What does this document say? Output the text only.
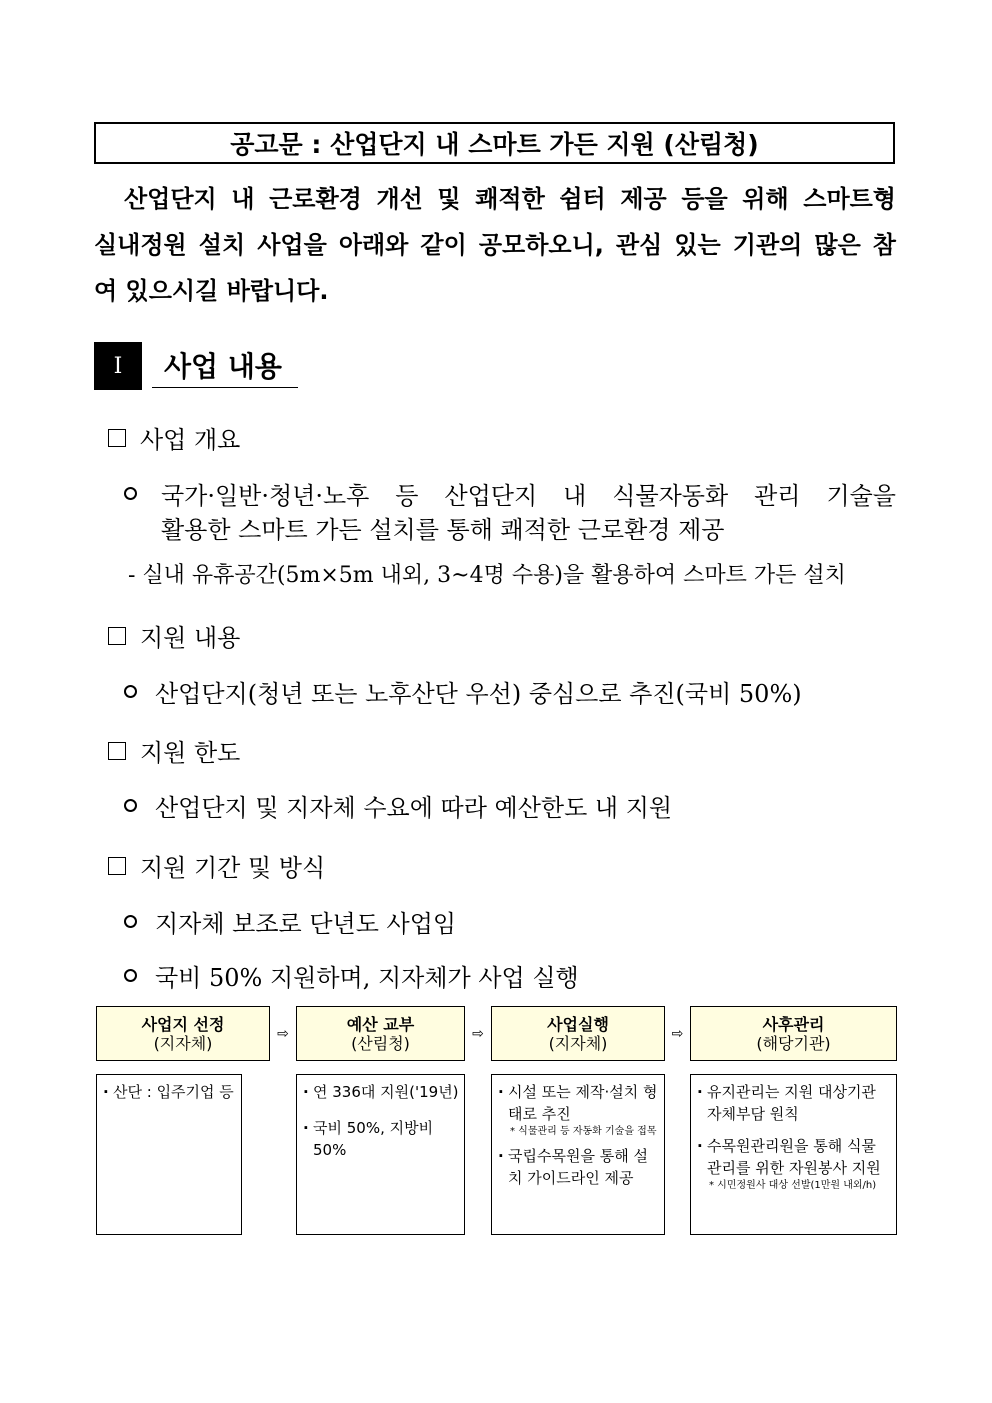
공고문 : 산업단지 내 스마트 가든 지원 (산림청)
산업단지 내 근로환경 개선 및 쾌적한 쉼터 제공 등을 위해 스마트형
실내정원 설치 사업을 아래와 같이 공모하오니, 관심 있는 기관의 많은 참
여 있으시길 바랍니다.
I	사업 내용
사업 개요
국가·일반·청년·노후 등 산업단지 내 식물자동화 관리 기술을
활용한 스마트 가든 설치를 통해 쾌적한 근로환경 제공
- 실내 유휴공간(5m×5m 내외, 3~4명 수용)을 활용하여 스마트 가든 설치
지원 내용
산업단지(청년 또는 노후산단 우선) 중심으로 추진(국비 50%)
지원 한도
산업단지 및 지자체 수요에 따라 예산한도 내 지원
지원 기간 및 방식
지자체 보조로 단년도 사업임
국비 50% 지원하며, 지자체가 사업 실행
사업지 선정
(지자체)	⇨	예산 교부
(산림청)	⇨	사업실행
(지자체)	⇨	사후관리
(해당기관)
· 산단 : 입주기업 등
·	연 336대 지원('19년)
· 국비 50%, 지방비 50%
· 시설 또는 제작·설치 형태로 추진
* 식물관리 등 자동화 기술을 접목
· 국립수목원을 통해 설치 가이드라인 제공
· 유지관리는 지원 대상기관 자체부담 원칙
· 수목원관리원을 통해 식물 관리를 위한 자원봉사 지원
* 시민정원사 대상 선발(1만원 내외/h)
